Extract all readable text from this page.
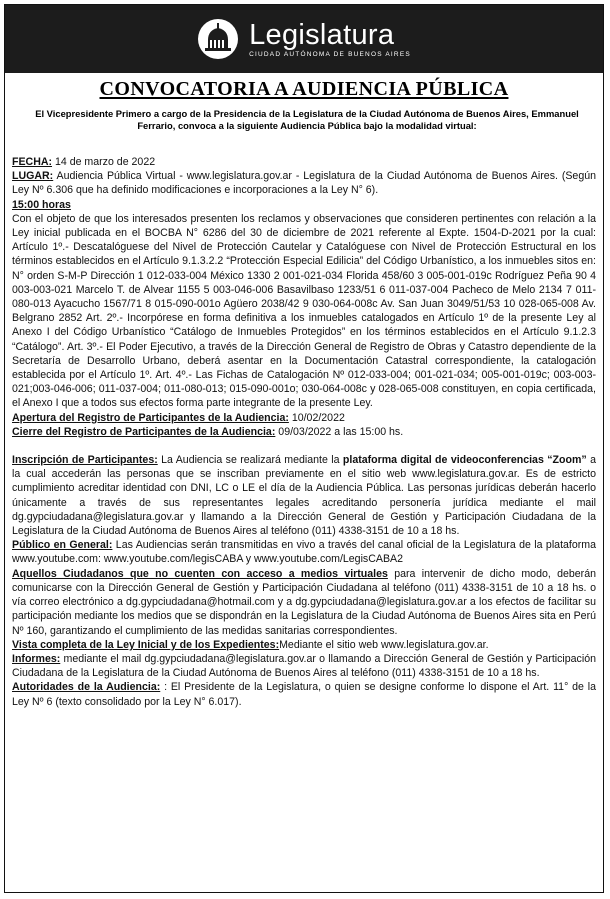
Legislatura
CIUDAD AUTÓNOMA DE BUENOS AIRES
CONVOCATORIA A AUDIENCIA PÚBLICA
El Vicepresidente Primero a cargo de la Presidencia de la Legislatura de la Ciudad Autónoma de Buenos Aires, Emmanuel Ferrario, convoca a la siguiente Audiencia Pública bajo la modalidad virtual:

FECHA: 14 de marzo de 2022

LUGAR: Audiencia Pública Virtual - www.legislatura.gov.ar - Legislatura de la Ciudad Autónoma de Buenos Aires. (Según Ley Nº 6.306 que ha definido modificaciones e incorporaciones a la Ley N° 6).

15:00 horas

Con el objeto de que los interesados presenten los reclamos y observaciones que consideren pertinentes con relación a la Ley inicial publicada en el BOCBA N° 6286 del 30 de diciembre de 2021 referente al Expte. 1504-D-2021 por la cual: Artículo 1º.- Descatalóguese del Nivel de Protección Cautelar y Catalóguese con Nivel de Protección Estructural en los términos establecidos en el Artículo 9.1.3.2.2 “Protección Especial Edilicia” del Código Urbanístico, a los inmuebles sitos en: N° orden S-M-P Dirección 1 012-033-004 México 1330 2 001-021-034 Florida 458/60 3 005-001-019c Rodríguez Peña 90 4 003-003-021 Marcelo T. de Alvear 1155 5 003-046-006 Basavilbaso 1233/51 6 011-037-004 Pacheco de Melo 2134 7 011-080-013 Ayacucho 1567/71 8 015-090-001o Agüero 2038/42 9 030-064-008c Av. San Juan 3049/51/53 10 028-065-008 Av. Belgrano 2852 Art. 2º.- Incorpórese en forma definitiva a los inmuebles catalogados en Artículo 1º de la presente Ley al Anexo I del Código Urbanístico “Catálogo de Inmuebles Protegidos” en los términos establecidos en el Artículo 9.1.2.3 “Catálogo”. Art. 3º.- El Poder Ejecutivo, a través de la Dirección General de Registro de Obras y Catastro dependiente de la Secretaría de Desarrollo Urbano, deberá asentar en la Documentación Catastral correspondiente, la catalogación establecida por el Artículo 1º. Art. 4º.- Las Fichas de Catalogación Nº 012-033-004; 001-021-034; 005-001-019c; 003-003-021;003-046-006; 011-037-004; 011-080-013; 015-090-001o; 030-064-008c y 028-065-008 constituyen, en copia certificada, el Anexo I que a todos sus efectos forma parte integrante de la presente Ley.

Apertura del Registro de Participantes de la Audiencia: 10/02/2022

Cierre del Registro de Participantes de la Audiencia: 09/03/2022 a las 15:00 hs.

Inscripción de Participantes: La Audiencia se realizará mediante la plataforma digital de videoconferencias “Zoom” a la cual accederán las personas que se inscriban previamente en el sitio web www.legislatura.gov.ar. Es de estricto cumplimiento acreditar identidad con DNI, LC o LE el día de la Audiencia Pública. Las personas jurídicas deberán hacerlo únicamente a través de sus representantes legales acreditando personería jurídica mediante el mail dg.gypciudadana@legislatura.gov.ar y llamando a la Dirección General de Gestión y Participación Ciudadana de la Legislatura de la Ciudad Autónoma de Buenos Aires al teléfono (011) 4338-3151 de 10 a 18 hs.

Público en General: Las Audiencias serán transmitidas en vivo a través del canal oficial de la Legislatura de la plataforma www.youtube.com: www.youtube.com/legisCABA y www.youtube.com/LegisCABA2

Aquellos Ciudadanos que no cuenten con acceso a medios virtuales para intervenir de dicho modo, deberán comunicarse con la Dirección General de Gestión y Participación Ciudadana al teléfono (011) 4338-3151 de 10 a 18 hs. o vía correo electrónico a dg.gypciudadana@hotmail.com y a dg.gypciudadana@legislatura.gov.ar a los efectos de facilitar su participación mediante los medios que se dispondrán en la Legislatura de la Ciudad Autónoma de Buenos Aires sita en Perú Nº 160, garantizando el cumplimiento de las medidas sanitarias correspondientes.

Vista completa de la Ley Inicial y de los Expedientes:Mediante el sitio web www.legislatura.gov.ar.

Informes: mediante el mail dg.gypciudadana@legislatura.gov.ar o llamando a Dirección General de Gestión y Participación Ciudadana de la Legislatura de la Ciudad Autónoma de Buenos Aires al teléfono (011) 4338-3151 de 10 a 18 hs.

Autoridades de la Audiencia: : El Presidente de la Legislatura, o quien se designe conforme lo dispone el Art. 11° de la Ley Nº 6 (texto consolidado por la Ley N° 6.017).
